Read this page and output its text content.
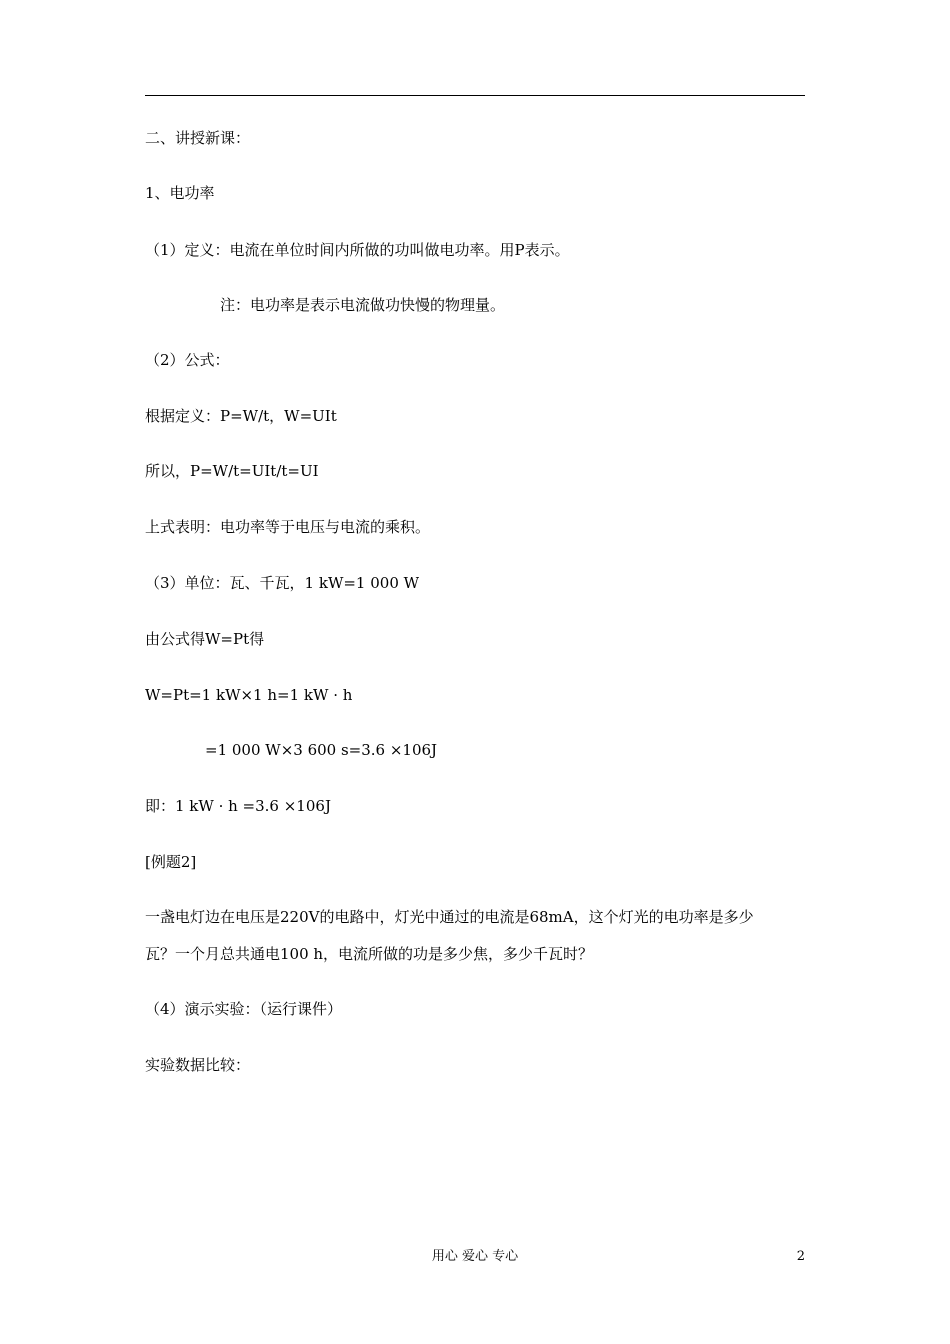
二、讲授新课：
1、电功率
（1）定义：电流在单位时间内所做的功叫做电功率。用P表示。
注：电功率是表示电流做功快慢的物理量。
（2）公式：
根据定义：P=W/t，W=UIt
所以，P=W/t=UIt/t=UI
上式表明：电功率等于电压与电流的乘积。
（3）单位：瓦、千瓦，1 kW=1 000 W
由公式得W=Pt得
W=Pt=1 kW×1 h=1 kW · h
=1 000 W×3 600 s=3.6 ×106J
即：1 kW · h =3.6 ×106J
[例题2]
一盏电灯边在电压是220V的电路中，灯光中通过的电流是68mA，这个灯光的电功率是多少
瓦？一个月总共通电100 h，电流所做的功是多少焦，多少千瓦时？
（4）演示实验：（运行课件）
实验数据比较：
用心 爱心 专心	2
